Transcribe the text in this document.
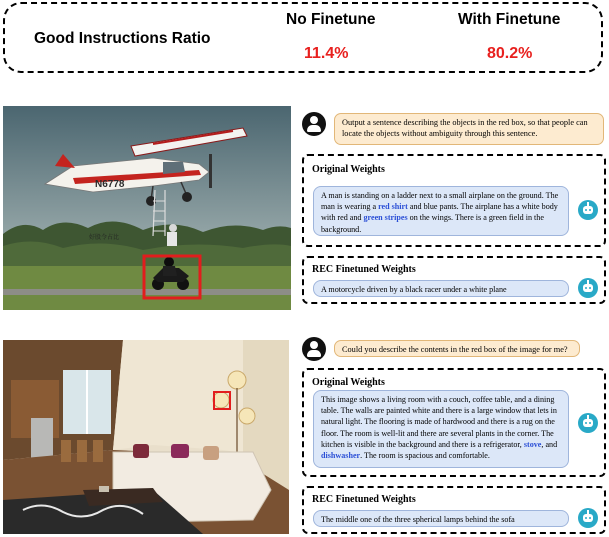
Good Instructions Ratio
No Finetune	With Finetune
11.4%	80.2%
N6778
好股令占比
Output a sentence describing the objects in the red box, so that people can locate the objects without ambiguity through this sentence.
Original Weights
A man is standing on a ladder next to a small airplane on the ground. The man is wearing a red shirt and blue pants. The airplane has a white body with red and green stripes on the wings. There is a green field in the background.
REC Finetuned Weights
A motorcycle driven by a black racer under a white plane
Could you describe the contents in the red box of the image for me?
Original Weights
This image shows a living room with a couch, coffee table, and a dining table. The walls are painted white and there is a large window that lets in natural light. The flooring is made of hardwood and there is a rug on the floor. The room is well-lit and there are several plants in the corner. The kitchen is visible in the background and there is a refrigerator, stove, and dishwasher. The room is spacious and comfortable.
REC Finetuned Weights
The middle one of the three spherical lamps behind the sofa
